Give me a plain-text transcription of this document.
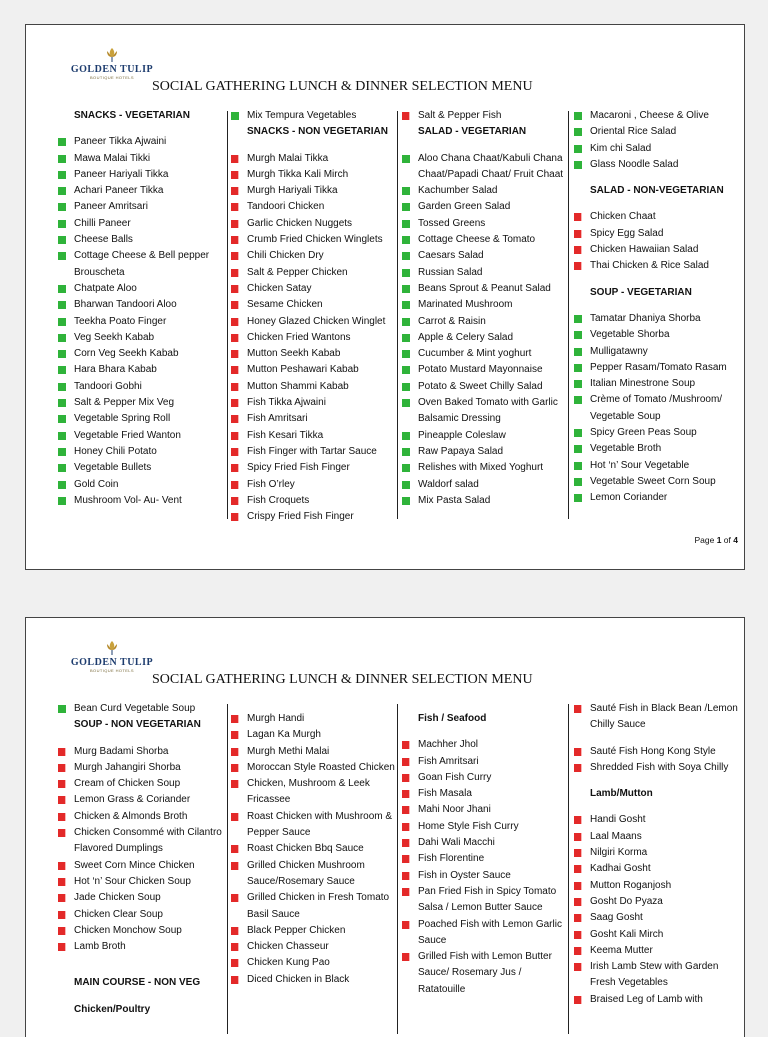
GOLDEN TULIP
BOUTIQUE HOTELS
SOCIAL GATHERING LUNCH & DINNER SELECTION MENU
SNACKS - VEGETARIAN
Paneer Tikka Ajwaini
Mawa Malai Tikki
Paneer Hariyali Tikka
Achari Paneer Tikka
Paneer Amritsari
Chilli Paneer
Cheese Balls
Cottage Cheese & Bell pepper Brouscheta
Chatpate Aloo
Bharwan Tandoori Aloo
Teekha Poato Finger
Veg Seekh Kabab
Corn Veg Seekh Kabab
Hara Bhara Kabab
Tandoori Gobhi
Salt & Pepper Mix Veg
Vegetable Spring Roll
Vegetable Fried Wanton
Honey Chili Potato
Vegetable Bullets
Gold Coin
Mushroom Vol- Au- Vent
Mix Tempura Vegetables
SNACKS - NON VEGETARIAN
Murgh Malai Tikka
Murgh Tikka Kali Mirch
Murgh Hariyali Tikka
Tandoori Chicken
Garlic Chicken Nuggets
Crumb Fried Chicken Winglets
Chili Chicken Dry
Salt & Pepper Chicken
Chicken Satay
Sesame Chicken
Honey Glazed Chicken Winglet
Chicken Fried Wantons
Mutton Seekh Kabab
Mutton Peshawari Kabab
Mutton Shammi Kabab
Fish Tikka Ajwaini
Fish Amritsari
Fish Kesari Tikka
Fish Finger with Tartar Sauce
Spicy Fried Fish Finger
Fish O’rley
Fish Croquets
Crispy Fried Fish Finger
Salt & Pepper Fish
SALAD - VEGETARIAN
Aloo Chana Chaat/Kabuli Chana Chaat/Papadi Chaat/ Fruit Chaat
Kachumber Salad
Garden Green Salad
Tossed Greens
Cottage Cheese & Tomato
Caesars Salad
Russian Salad
Beans Sprout & Peanut Salad
Marinated Mushroom
Carrot & Raisin
Apple & Celery Salad
Cucumber & Mint yoghurt
Potato Mustard Mayonnaise
Potato & Sweet Chilly Salad
Oven Baked Tomato with Garlic Balsamic Dressing
Pineapple Coleslaw
Raw Papaya Salad
Relishes with Mixed Yoghurt
Waldorf salad
Mix Pasta Salad
Macaroni , Cheese & Olive
Oriental Rice Salad
Kim chi Salad
Glass Noodle Salad
SALAD - NON-VEGETARIAN
Chicken Chaat
Spicy Egg Salad
Chicken Hawaiian Salad
Thai Chicken & Rice Salad
SOUP - VEGETARIAN
Tamatar Dhaniya Shorba
Vegetable Shorba
Mulligatawny
Pepper Rasam/Tomato Rasam
Italian Minestrone Soup
Crème of Tomato /Mushroom/ Vegetable Soup
Spicy Green Peas Soup
Vegetable Broth
Hot ‘n’ Sour Vegetable
Vegetable Sweet Corn Soup
Lemon Coriander
Page 1 of 4
GOLDEN TULIP
BOUTIQUE HOTELS
SOCIAL GATHERING LUNCH & DINNER SELECTION MENU
Bean Curd Vegetable Soup
SOUP - NON VEGETARIAN
Murg Badami Shorba
Murgh Jahangiri Shorba
Cream of Chicken Soup
Lemon Grass & Coriander
Chicken & Almonds Broth
Chicken Consommé with Cilantro Flavored Dumplings
Sweet Corn Mince Chicken
Hot ‘n’ Sour Chicken Soup
Jade Chicken Soup
Chicken Clear Soup
Chicken Monchow Soup
Lamb Broth
MAIN COURSE - NON VEG
Chicken/Poultry
Murgh Handi
Lagan Ka Murgh
Murgh Methi Malai
Moroccan Style Roasted Chicken
Chicken, Mushroom & Leek Fricassee
Roast Chicken with Mushroom & Pepper Sauce
Roast Chicken Bbq Sauce
Grilled Chicken Mushroom Sauce/Rosemary Sauce
Grilled Chicken in Fresh Tomato Basil Sauce
Black Pepper Chicken
Chicken Chasseur
Chicken Kung Pao
Diced Chicken in Black
Fish / Seafood
Machher Jhol
Fish Amritsari
Goan Fish Curry
Fish Masala
Mahi Noor Jhani
Home Style Fish Curry
Dahi Wali Macchi
Fish Florentine
Fish in Oyster Sauce
Pan Fried Fish in Spicy Tomato Salsa / Lemon Butter Sauce
Poached Fish with Lemon Garlic Sauce
Grilled Fish with Lemon Butter Sauce/ Rosemary Jus / Ratatouille
Sauté Fish in Black Bean /Lemon Chilly Sauce
Sauté Fish Hong Kong Style
Shredded Fish with Soya Chilly
Lamb/Mutton
Handi Gosht
Laal Maans
Nilgiri Korma
Kadhai Gosht
Mutton Roganjosh
Gosht Do Pyaza
Saag Gosht
Gosht Kali Mirch
Keema Mutter
Irish Lamb Stew with Garden Fresh Vegetables
Braised Leg of Lamb with
